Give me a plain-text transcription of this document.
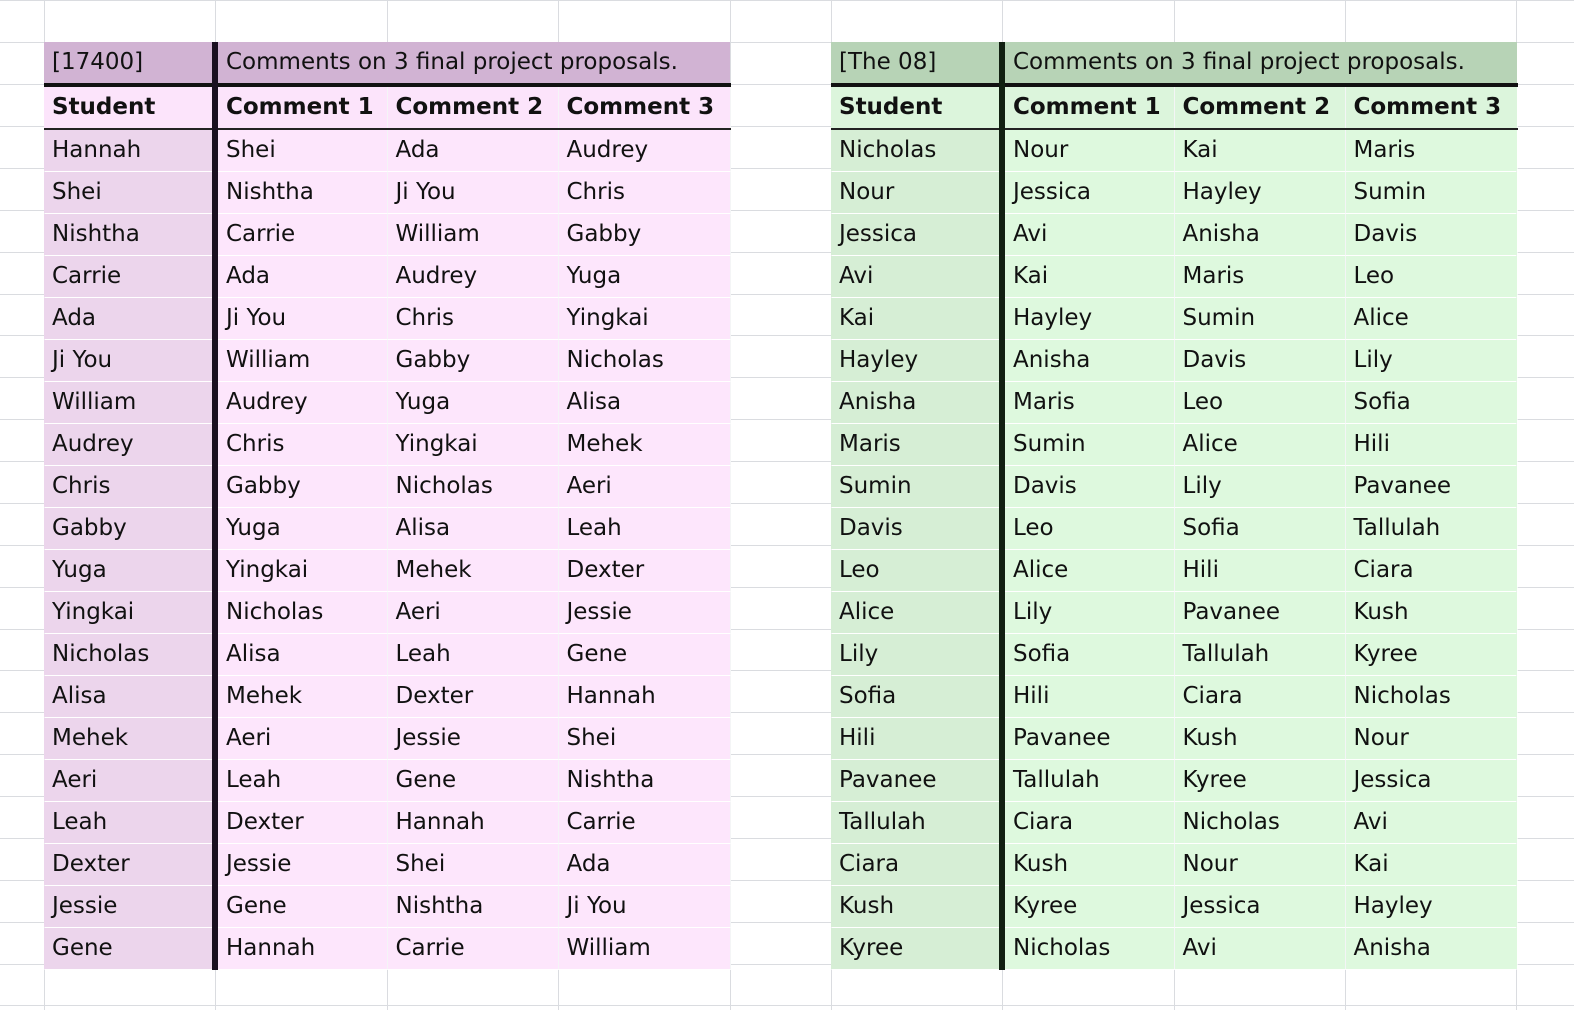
[17400]	Comments on 3 final project proposals.		
Student	Comment 1	Comment 2	Comment 3
Hannah	Shei	Ada	Audrey
Shei	Nishtha	Ji You	Chris
Nishtha	Carrie	William	Gabby
Carrie	Ada	Audrey	Yuga
Ada	Ji You	Chris	Yingkai
Ji You	William	Gabby	Nicholas
William	Audrey	Yuga	Alisa
Audrey	Chris	Yingkai	Mehek
Chris	Gabby	Nicholas	Aeri
Gabby	Yuga	Alisa	Leah
Yuga	Yingkai	Mehek	Dexter
Yingkai	Nicholas	Aeri	Jessie
Nicholas	Alisa	Leah	Gene
Alisa	Mehek	Dexter	Hannah
Mehek	Aeri	Jessie	Shei
Aeri	Leah	Gene	Nishtha
Leah	Dexter	Hannah	Carrie
Dexter	Jessie	Shei	Ada
Jessie	Gene	Nishtha	Ji You
Gene	Hannah	Carrie	William
[The 08]	Comments on 3 final project proposals.		
Student	Comment 1	Comment 2	Comment 3
Nicholas	Nour	Kai	Maris
Nour	Jessica	Hayley	Sumin
Jessica	Avi	Anisha	Davis
Avi	Kai	Maris	Leo
Kai	Hayley	Sumin	Alice
Hayley	Anisha	Davis	Lily
Anisha	Maris	Leo	Sofia
Maris	Sumin	Alice	Hili
Sumin	Davis	Lily	Pavanee
Davis	Leo	Sofia	Tallulah
Leo	Alice	Hili	Ciara
Alice	Lily	Pavanee	Kush
Lily	Sofia	Tallulah	Kyree
Sofia	Hili	Ciara	Nicholas
Hili	Pavanee	Kush	Nour
Pavanee	Tallulah	Kyree	Jessica
Tallulah	Ciara	Nicholas	Avi
Ciara	Kush	Nour	Kai
Kush	Kyree	Jessica	Hayley
Kyree	Nicholas	Avi	Anisha
